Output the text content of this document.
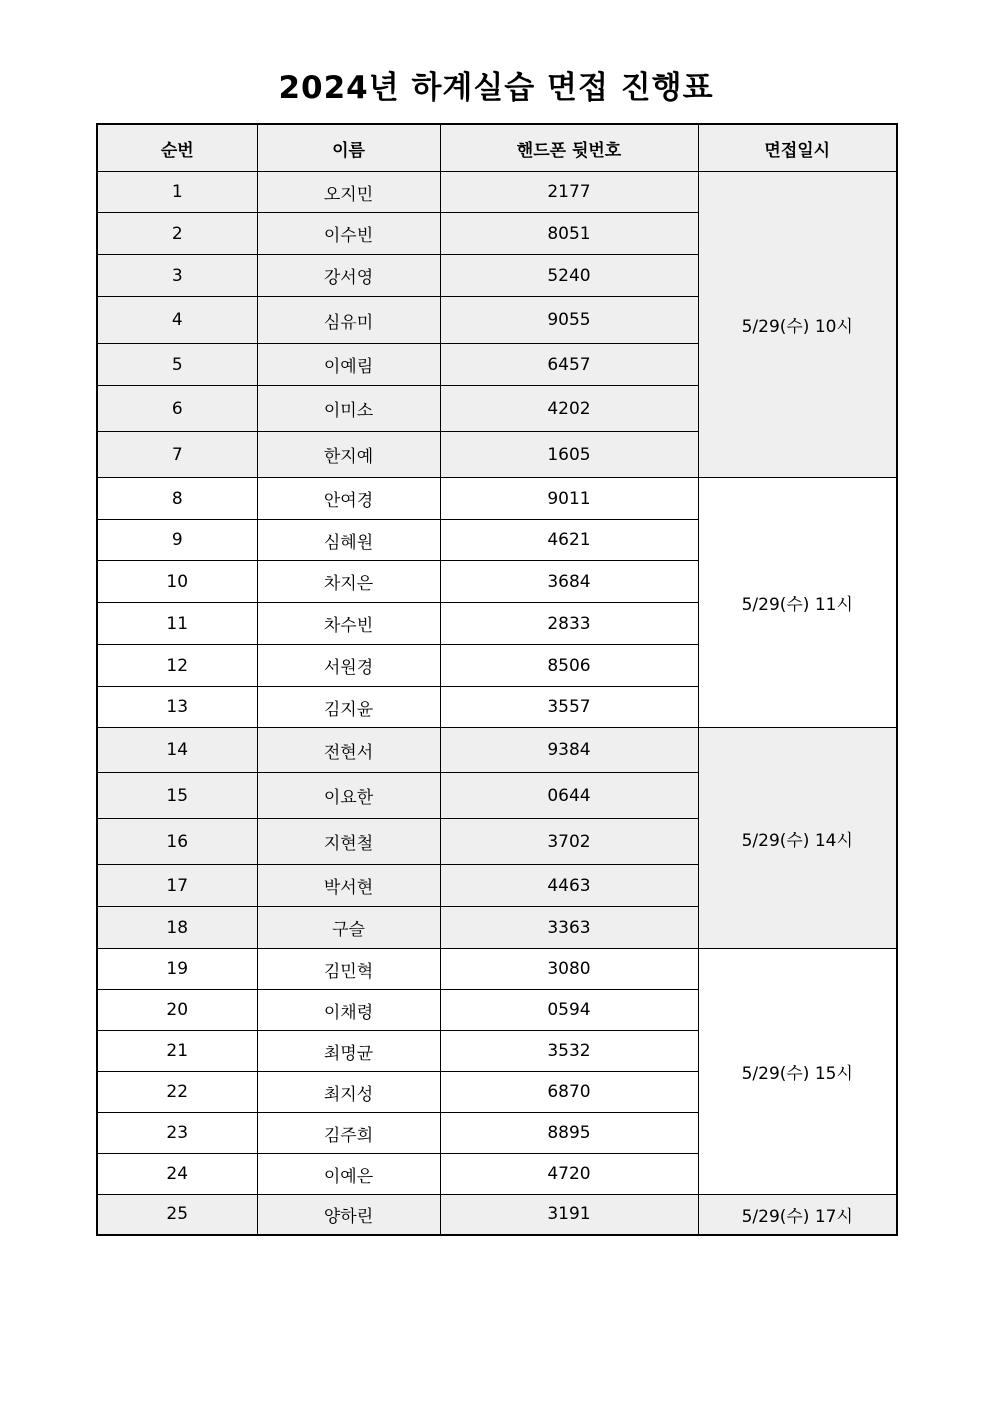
2024년 하계실습 면접 진행표
순번	이름	핸드폰 뒷번호	면접일시
1	오지민	2177	5/29(수) 10시
2	이수빈	8051	
3	강서영	5240	
4	심유미	9055	
5	이예림	6457	
6	이미소	4202	
7	한지예	1605	
8	안여경	9011	5/29(수) 11시
9	심혜원	4621	
10	차지은	3684	
11	차수빈	2833	
12	서원경	8506	
13	김지윤	3557	
14	전현서	9384	5/29(수) 14시
15	이요한	0644	
16	지현철	3702	
17	박서현	4463	
18	구슬	3363	
19	김민혁	3080	5/29(수) 15시
20	이채령	0594	
21	최명균	3532	
22	최지성	6870	
23	김주희	8895	
24	이예은	4720	
25	양하린	3191	5/29(수) 17시
